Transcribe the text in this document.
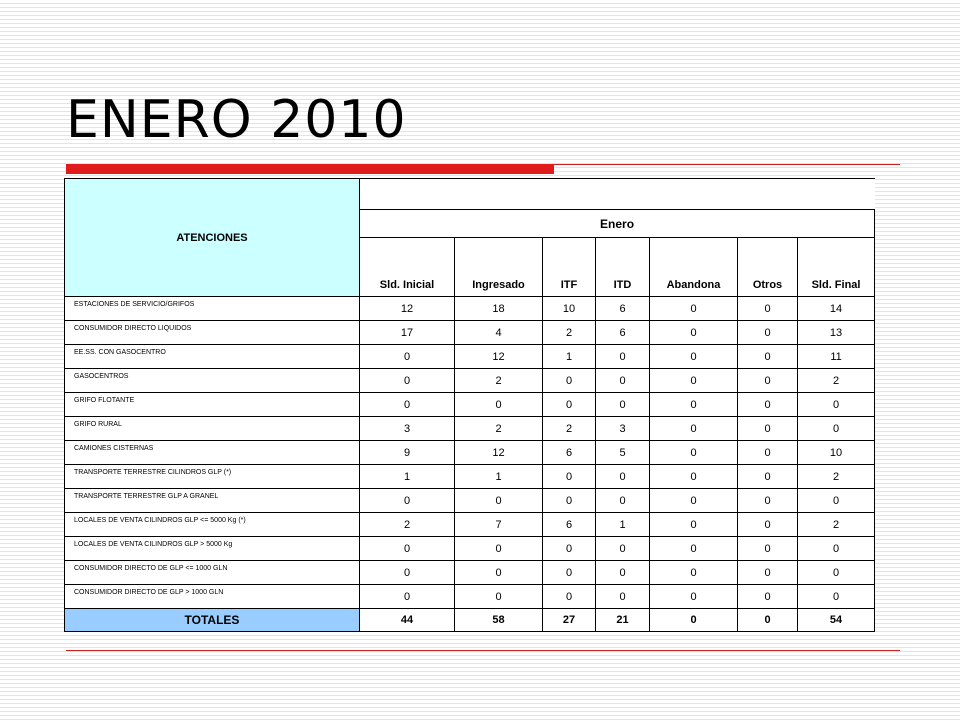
ENERO 2010
ATENCIONES							
	Enero						
	Sld. Inicial	Ingresado	ITF	ITD	Abandona	Otros	Sld. Final
ESTACIONES DE SERVICIO/GRIFOS	12	18	10	6	0	0	14
CONSUMIDOR DIRECTO LIQUIDOS	17	4	2	6	0	0	13
EE.SS. CON GASOCENTRO	0	12	1	0	0	0	11
GASOCENTROS	0	2	0	0	0	0	2
GRIFO FLOTANTE	0	0	0	0	0	0	0
GRIFO RURAL	3	2	2	3	0	0	0
CAMIONES CISTERNAS	9	12	6	5	0	0	10
TRANSPORTE TERRESTRE CILINDROS GLP (*)	1	1	0	0	0	0	2
TRANSPORTE TERRESTRE GLP A GRANEL	0	0	0	0	0	0	0
LOCALES DE VENTA CILINDROS GLP <= 5000 Kg (*)	2	7	6	1	0	0	2
LOCALES DE VENTA CILINDROS GLP > 5000 Kg	0	0	0	0	0	0	0
CONSUMIDOR DIRECTO DE GLP <= 1000 GLN	0	0	0	0	0	0	0
CONSUMIDOR DIRECTO DE GLP > 1000 GLN	0	0	0	0	0	0	0
TOTALES	44	58	27	21	0	0	54
